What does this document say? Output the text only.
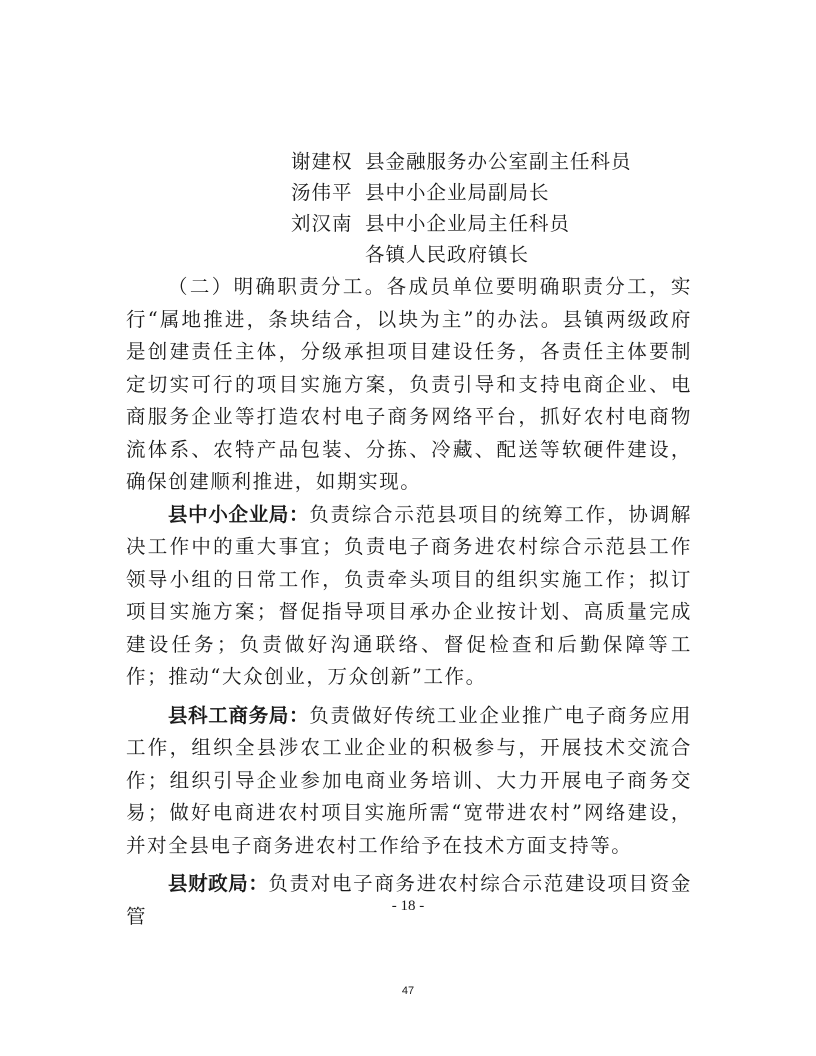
谢建权 县金融服务办公室副主任科员
汤伟平 县中小企业局副局长
刘汉南 县中小企业局主任科员
各镇人民政府镇长

（二）明确职责分工。各成员单位要明确职责分工，实行“属地推进，条块结合，以块为主”的办法。县镇两级政府是创建责任主体，分级承担项目建设任务，各责任主体要制定切实可行的项目实施方案，负责引导和支持电商企业、电商服务企业等打造农村电子商务网络平台，抓好农村电商物流体系、农特产品包装、分拣、冷藏、配送等软硬件建设，确保创建顺利推进，如期实现。

县中小企业局：负责综合示范县项目的统筹工作，协调解决工作中的重大事宜；负责电子商务进农村综合示范县工作领导小组的日常工作，负责牵头项目的组织实施工作；拟订项目实施方案；督促指导项目承办企业按计划、高质量完成建设任务；负责做好沟通联络、督促检查和后勤保障等工作；推动“大众创业，万众创新”工作。

县科工商务局：负责做好传统工业企业推广电子商务应用工作，组织全县涉农工业企业的积极参与，开展技术交流合作；组织引导企业参加电商业务培训、大力开展电子商务交易；做好电商进农村项目实施所需“宽带进农村”网络建设，并对全县电子商务进农村工作给予在技术方面支持等。

县财政局：负责对电子商务进农村综合示范建设项目资金管	- 18 -
47
